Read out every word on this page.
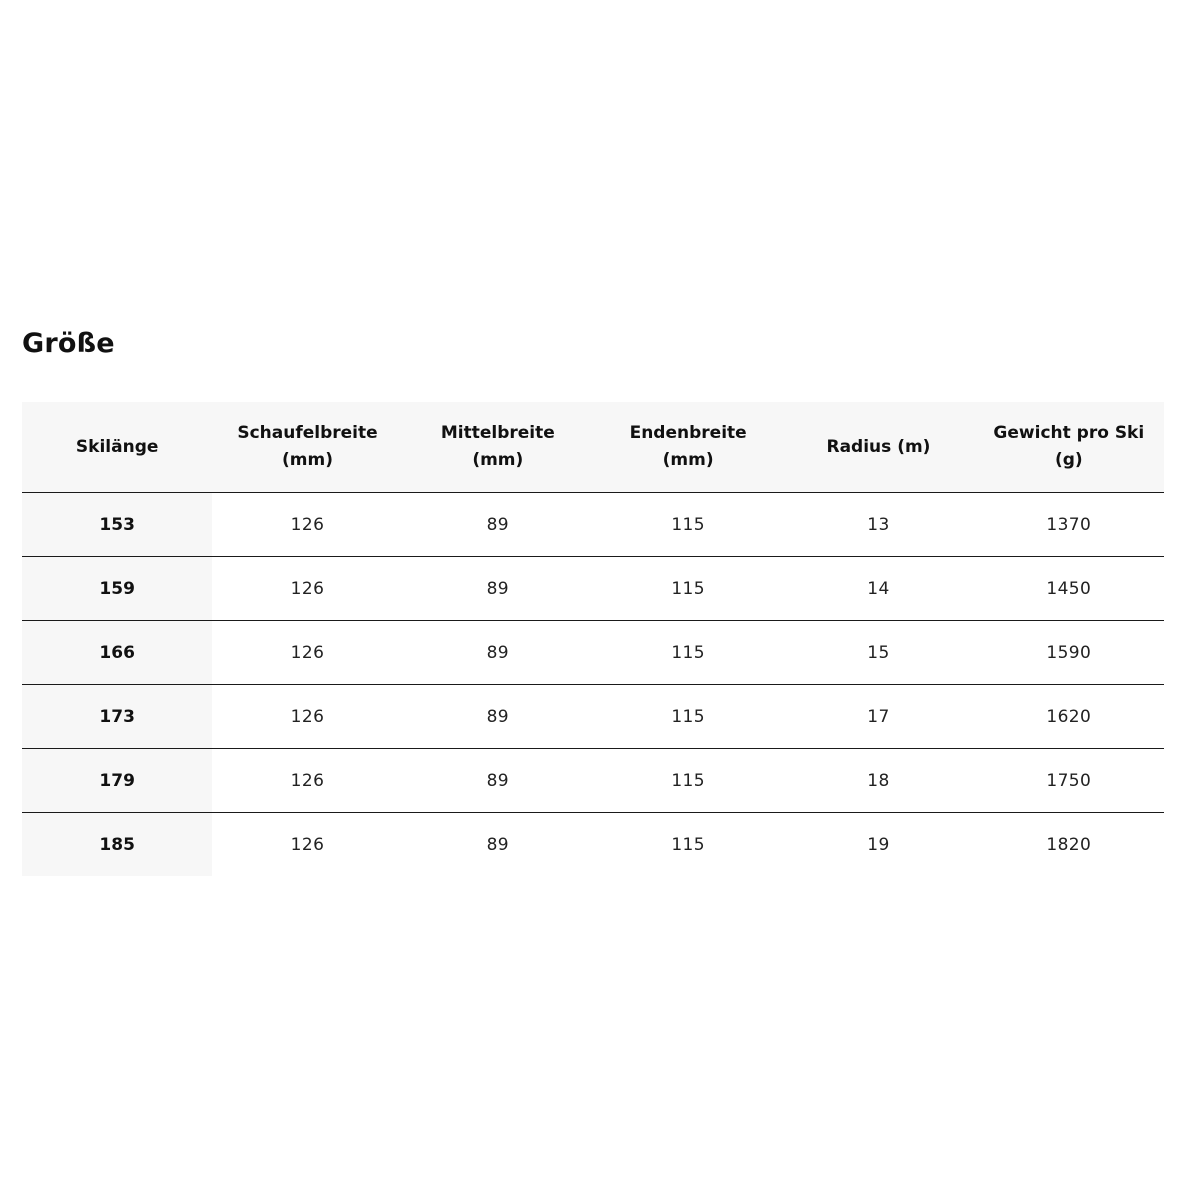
Größe
Skilänge	Schaufelbreite (mm)	Mittelbreite (mm)	Endenbreite (mm)	Radius (m)	Gewicht pro Ski (g)
153	126	89	115	13	1370
159	126	89	115	14	1450
166	126	89	115	15	1590
173	126	89	115	17	1620
179	126	89	115	18	1750
185	126	89	115	19	1820
